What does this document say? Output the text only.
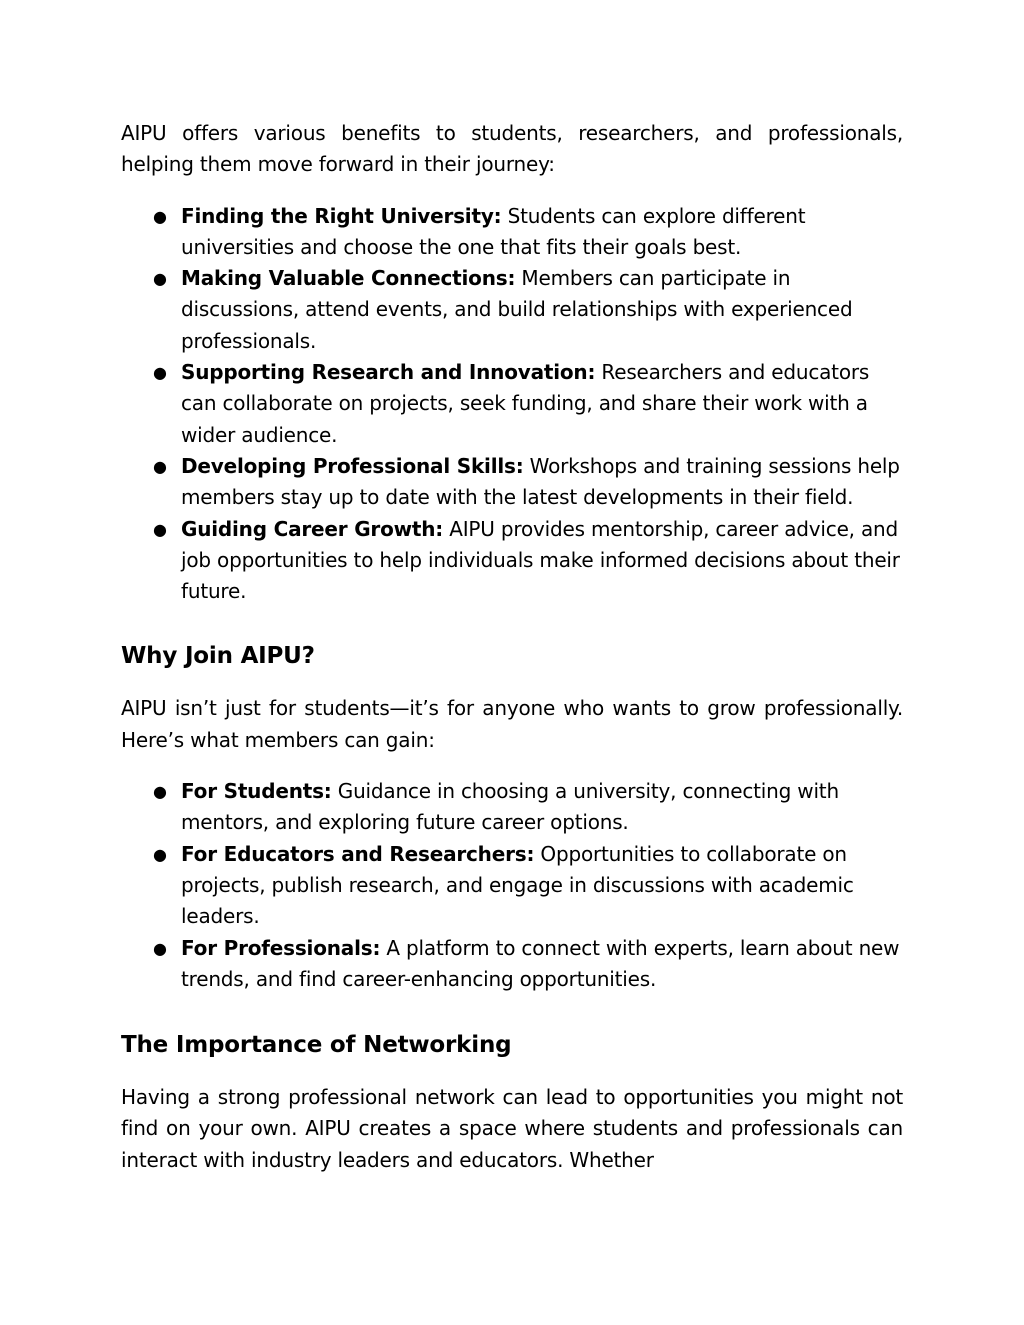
AIPU offers various benefits to students, researchers, and professionals, helping them move forward in their journey:

● Finding the Right University: Students can explore different universities and choose the one that fits their goals best.
● Making Valuable Connections: Members can participate in discussions, attend events, and build relationships with experienced professionals.
● Supporting Research and Innovation: Researchers and educators can collaborate on projects, seek funding, and share their work with a wider audience.
● Developing Professional Skills: Workshops and training sessions help members stay up to date with the latest developments in their field.
● Guiding Career Growth: AIPU provides mentorship, career advice, and job opportunities to help individuals make informed decisions about their future.
Why Join AIPU?

AIPU isn’t just for students—it’s for anyone who wants to grow professionally. Here’s what members can gain:

● For Students: Guidance in choosing a university, connecting with mentors, and exploring future career options.
● For Educators and Researchers: Opportunities to collaborate on projects, publish research, and engage in discussions with academic leaders.
● For Professionals: A platform to connect with experts, learn about new trends, and find career-enhancing opportunities.
The Importance of Networking

Having a strong professional network can lead to opportunities you might not find on your own. AIPU creates a space where students and professionals can interact with industry leaders and educators. Whether
